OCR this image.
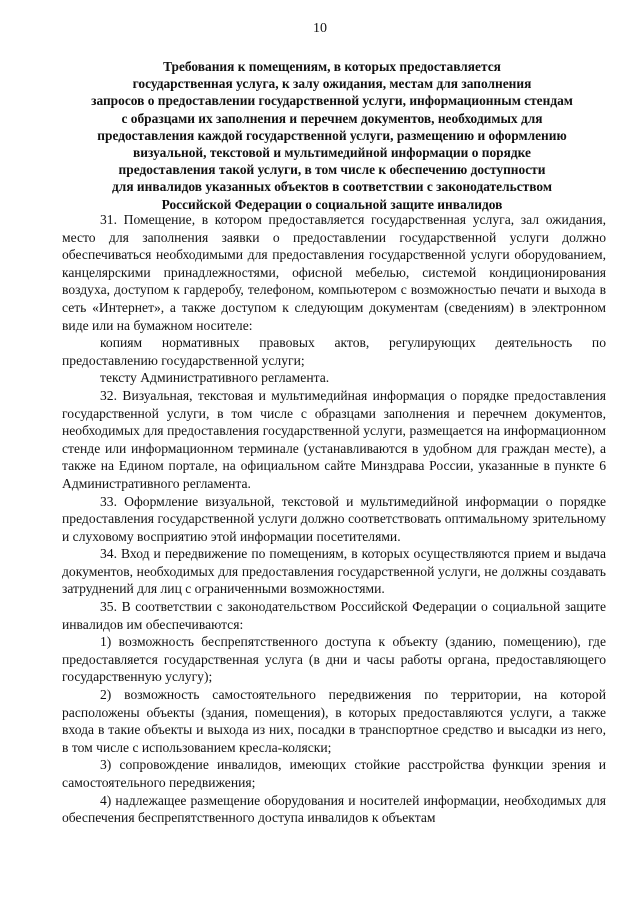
10
Требования к помещениям, в которых предоставляется
государственная услуга, к залу ожидания, местам для заполнения
запросов о предоставлении государственной услуги, информационным стендам
с образцами их заполнения и перечнем документов, необходимых для
предоставления каждой государственной услуги, размещению и оформлению
визуальной, текстовой и мультимедийной информации о порядке
предоставления такой услуги, в том числе к обеспечению доступности
для инвалидов указанных объектов в соответствии с законодательством
Российской Федерации о социальной защите инвалидов

31. Помещение, в котором предоставляется государственная услуга, зал ожидания, место для заполнения заявки о предоставлении государственной услуги должно обеспечиваться необходимыми для предоставления государственной услуги оборудованием, канцелярскими принадлежностями, офисной мебелью, системой кондиционирования воздуха, доступом к гардеробу, телефоном, компьютером с возможностью печати и выхода в сеть «Интернет», а также доступом к следующим документам (сведениям) в электронном виде или на бумажном носителе:

копиям нормативных правовых актов, регулирующих деятельность по предоставлению государственной услуги;

тексту Административного регламента.

32. Визуальная, текстовая и мультимедийная информация о порядке предоставления государственной услуги, в том числе с образцами заполнения и перечнем документов, необходимых для предоставления государственной услуги, размещается на информационном стенде или информационном терминале (устанавливаются в удобном для граждан месте), а также на Едином портале, на официальном сайте Минздрава России, указанные в пункте 6 Административного регламента.

33. Оформление визуальной, текстовой и мультимедийной информации о порядке предоставления государственной услуги должно соответствовать оптимальному зрительному и слуховому восприятию этой информации посетителями.

34. Вход и передвижение по помещениям, в которых осуществляются прием и выдача документов, необходимых для предоставления государственной услуги, не должны создавать затруднений для лиц с ограниченными возможностями.

35. В соответствии с законодательством Российской Федерации о социальной защите инвалидов им обеспечиваются:

1) возможность беспрепятственного доступа к объекту (зданию, помещению), где предоставляется государственная услуга (в дни и часы работы органа, предоставляющего государственную услугу);

2) возможность самостоятельного передвижения по территории, на которой расположены объекты (здания, помещения), в которых предоставляются услуги, а также входа в такие объекты и выхода из них, посадки в транспортное средство и высадки из него, в том числе с использованием кресла-коляски;

3) сопровождение инвалидов, имеющих стойкие расстройства функции зрения и самостоятельного передвижения;

4) надлежащее размещение оборудования и носителей информации, необходимых для обеспечения беспрепятственного доступа инвалидов к объектам
